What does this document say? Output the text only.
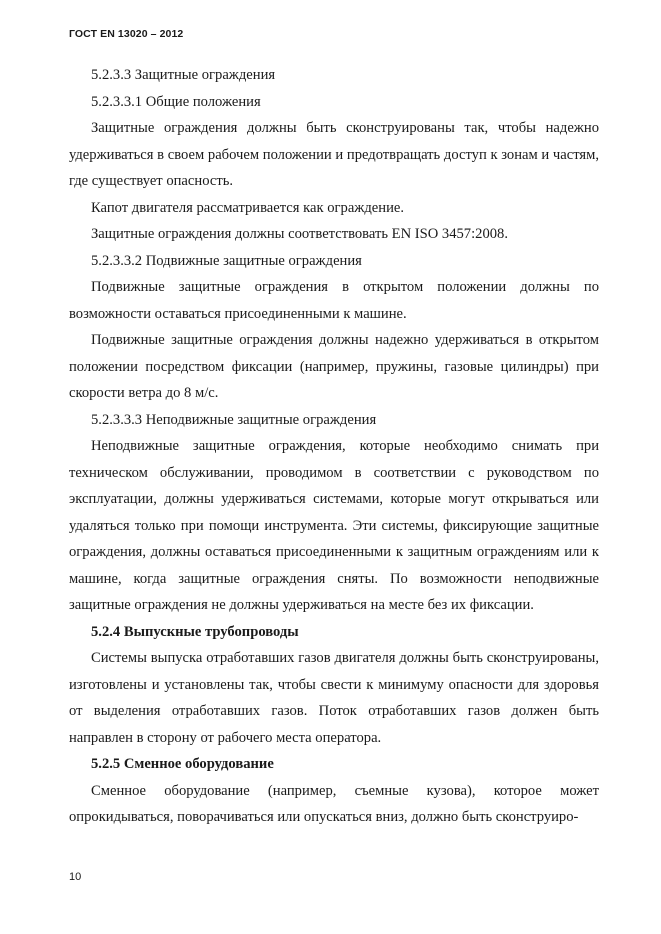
ГОСТ EN 13020 – 2012

5.2.3.3 Защитные ограждения

5.2.3.3.1 Общие положения

Защитные ограждения должны быть сконструированы так, чтобы надежно удерживаться в своем рабочем положении и предотвращать доступ к зонам и частям, где существует опасность.

Капот двигателя рассматривается как ограждение.

Защитные ограждения должны соответствовать EN ISO 3457:2008.

5.2.3.3.2 Подвижные защитные ограждения

Подвижные защитные ограждения в открытом положении должны по возможности оставаться присоединенными к машине.

Подвижные защитные ограждения должны надежно удерживаться в открытом положении посредством фиксации (например, пружины, газовые цилиндры) при скорости ветра до 8 м/с.

5.2.3.3.3 Неподвижные защитные ограждения

Неподвижные защитные ограждения, которые необходимо снимать при техническом обслуживании, проводимом в соответствии с руководством по эксплуатации, должны удерживаться системами, которые могут открываться или удаляться только при помощи инструмента. Эти системы, фиксирующие защитные ограждения, должны оставаться присоединенными к защитным ограждениям или к машине, когда защитные ограждения сняты. По возможности неподвижные защитные ограждения не должны удерживаться на месте без их фиксации.

5.2.4 Выпускные трубопроводы

Системы выпуска отработавших газов двигателя должны быть сконструированы, изготовлены и установлены так, чтобы свести к минимуму опасности для здоровья от выделения отработавших газов. Поток отработавших газов должен быть направлен в сторону от рабочего места оператора.

5.2.5 Сменное оборудование

Сменное оборудование (например, съемные кузова), которое может опрокидываться, поворачиваться или опускаться вниз, должно быть сконструиро-

10
